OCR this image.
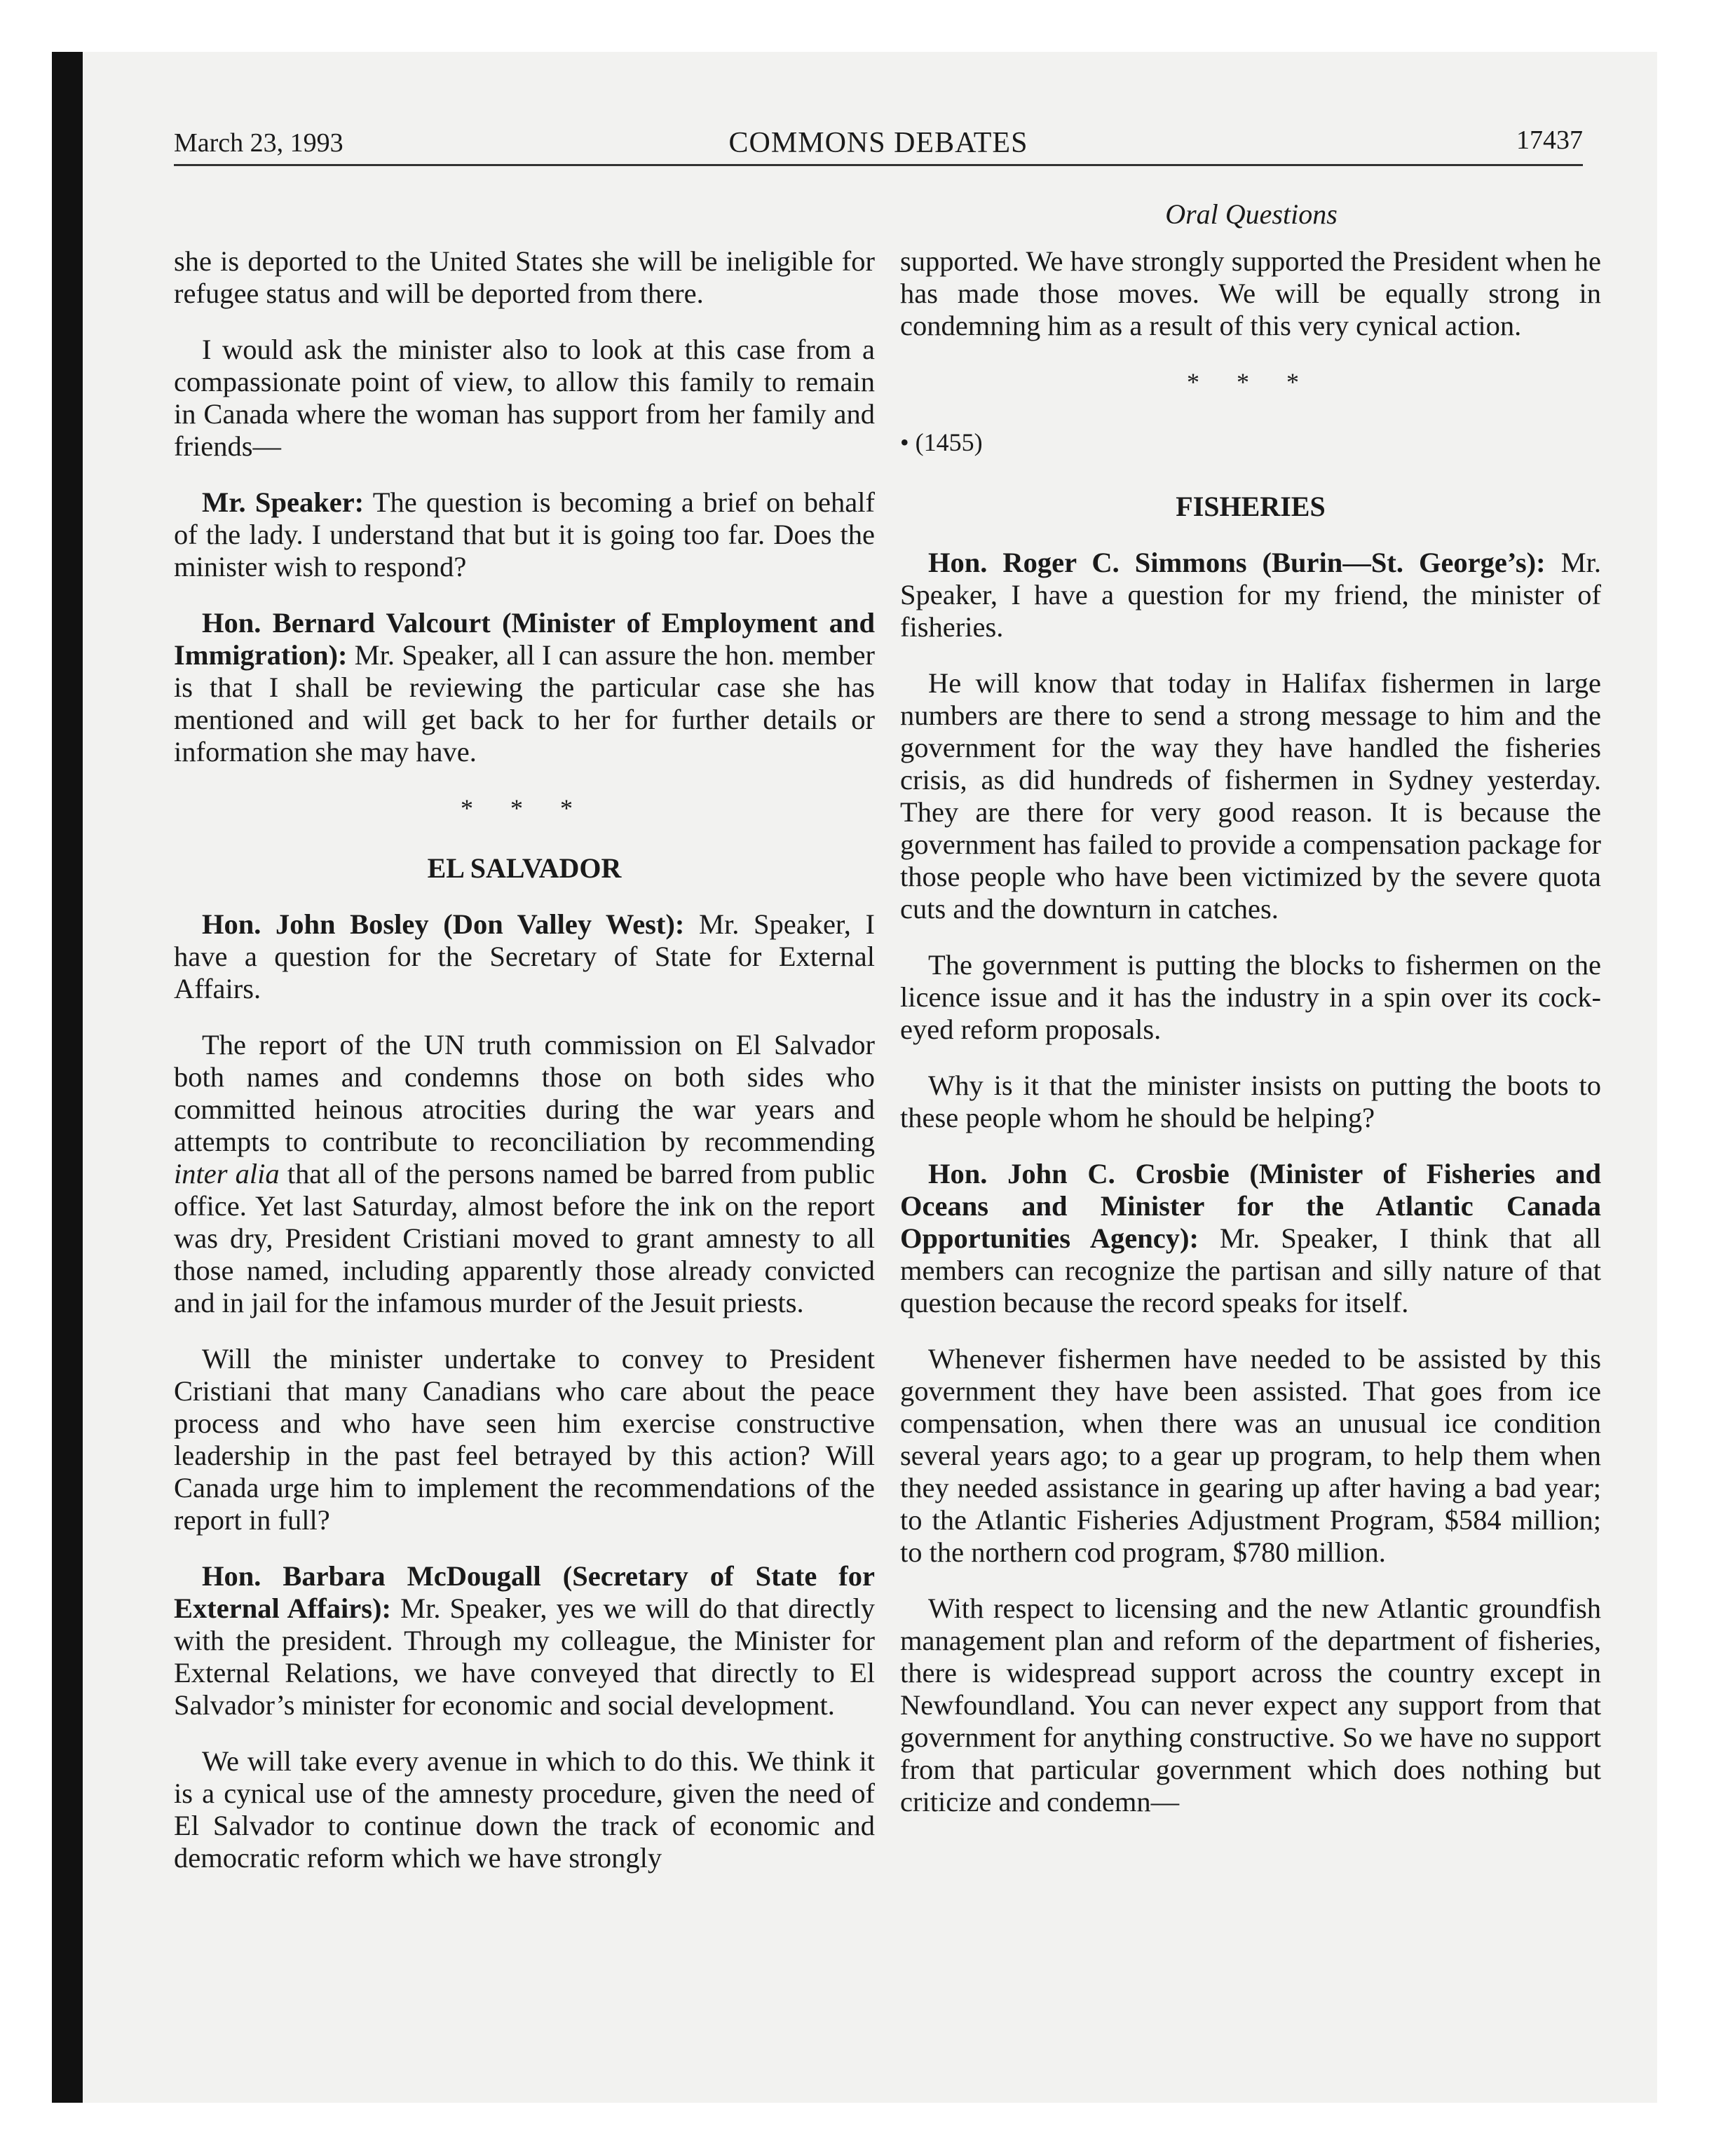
March 23, 1993	COMMONS DEBATES	17437
Oral Questions

she is deported to the United States she will be ineligible for refugee status and will be deported from there.

I would ask the minister also to look at this case from a compassionate point of view, to allow this family to remain in Canada where the woman has support from her family and friends—

Mr. Speaker: The question is becoming a brief on behalf of the lady. I understand that but it is going too far. Does the minister wish to respond?

Hon. Bernard Valcourt (Minister of Employment and Immigration): Mr. Speaker, all I can assure the hon. member is that I shall be reviewing the particular case she has mentioned and will get back to her for further details or information she may have.

* * *
EL SALVADOR

Hon. John Bosley (Don Valley West): Mr. Speaker, I have a question for the Secretary of State for External Affairs.

The report of the UN truth commission on El Salvador both names and condemns those on both sides who committed heinous atrocities during the war years and attempts to contribute to reconciliation by recommending inter alia that all of the persons named be barred from public office. Yet last Saturday, almost before the ink on the report was dry, President Cristiani moved to grant amnesty to all those named, including apparently those already convicted and in jail for the infamous murder of the Jesuit priests.

Will the minister undertake to convey to President Cristiani that many Canadians who care about the peace process and who have seen him exercise constructive leadership in the past feel betrayed by this action? Will Canada urge him to implement the recommendations of the report in full?

Hon. Barbara McDougall (Secretary of State for External Affairs): Mr. Speaker, yes we will do that directly with the president. Through my colleague, the Minister for External Relations, we have conveyed that directly to El Salvador’s minister for economic and social development.

We will take every avenue in which to do this. We think it is a cynical use of the amnesty procedure, given the need of El Salvador to continue down the track of economic and democratic reform which we have strongly

supported. We have strongly supported the President when he has made those moves. We will be equally strong in condemning him as a result of this very cynical action.

* * *
• (1455)
FISHERIES

Hon. Roger C. Simmons (Burin—St. George’s): Mr. Speaker, I have a question for my friend, the minister of fisheries.

He will know that today in Halifax fishermen in large numbers are there to send a strong message to him and the government for the way they have handled the fisheries crisis, as did hundreds of fishermen in Sydney yesterday. They are there for very good reason. It is because the government has failed to provide a compensation package for those people who have been victimized by the severe quota cuts and the downturn in catches.

The government is putting the blocks to fishermen on the licence issue and it has the industry in a spin over its cock-eyed reform proposals.

Why is it that the minister insists on putting the boots to these people whom he should be helping?

Hon. John C. Crosbie (Minister of Fisheries and Oceans and Minister for the Atlantic Canada Opportunities Agency): Mr. Speaker, I think that all members can recognize the partisan and silly nature of that question because the record speaks for itself.

Whenever fishermen have needed to be assisted by this government they have been assisted. That goes from ice compensation, when there was an unusual ice condition several years ago; to a gear up program, to help them when they needed assistance in gearing up after having a bad year; to the Atlantic Fisheries Adjustment Program, $584 million; to the northern cod program, $780 million.

With respect to licensing and the new Atlantic groundfish management plan and reform of the department of fisheries, there is widespread support across the country except in Newfoundland. You can never expect any support from that government for anything constructive. So we have no support from that particular government which does nothing but criticize and condemn—
